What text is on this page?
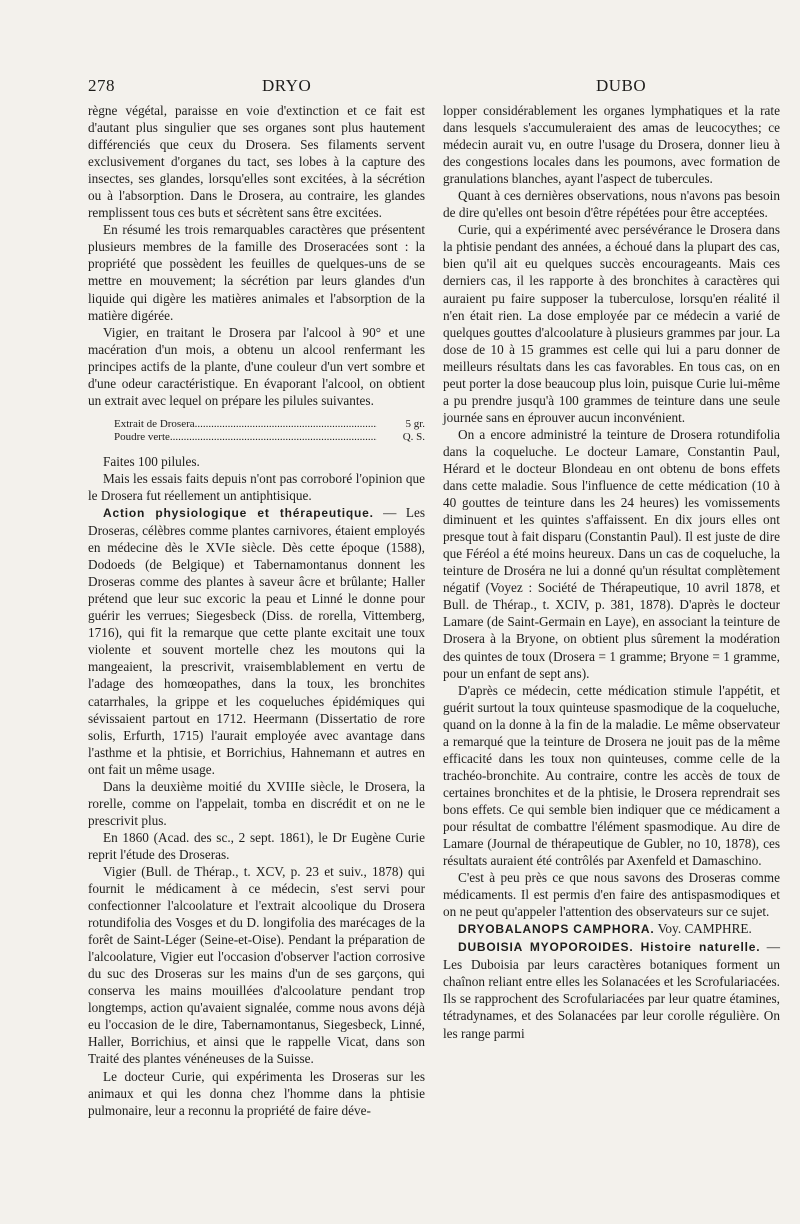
278	DRYO	DUBO

règne végétal, paraisse en voie d'extinction et ce fait est d'autant plus singulier que ses organes sont plus hautement différenciés que ceux du Drosera. Ses filaments servent exclusivement d'organes du tact, ses lobes à la capture des insectes, ses glandes, lorsqu'elles sont excitées, à la sécrétion ou à l'absorption. Dans le Drosera, au contraire, les glandes remplissent tous ces buts et sécrètent sans être excitées.

En résumé les trois remarquables caractères que présentent plusieurs membres de la famille des Droseracées sont : la propriété que possèdent les feuilles de quelques-uns de se mettre en mouvement; la sécrétion par leurs glandes d'un liquide qui digère les matières animales et l'absorption de la matière digérée.

Vigier, en traitant le Drosera par l'alcool à 90° et une macération d'un mois, a obtenu un alcool renfermant les principes actifs de la plante, d'une couleur d'un vert sombre et d'une odeur caractéristique. En évaporant l'alcool, on obtient un extrait avec lequel on prépare les pilules suivantes.

Extrait de Drosera .....	5 gr.
Poudre verte .....	Q. S.

Faites 100 pilules.

Mais les essais faits depuis n'ont pas corroboré l'opinion que le Drosera fut réellement un antiphtisique.

Action physiologique et thérapeutique. — Les Droseras, célèbres comme plantes carnivores, étaient employés en médecine dès le XVIe siècle. Dès cette époque (1588), Dodoeds (de Belgique) et Tabernamontanus donnent les Droseras comme des plantes à saveur âcre et brûlante; Haller prétend que leur suc excoric la peau et Linné le donne pour guérir les verrues; Siegesbeck (Diss. de rorella, Vittemberg, 1716), qui fit la remarque que cette plante excitait une toux violente et souvent mortelle chez les moutons qui la mangeaient, la prescrivit, vraisemblablement en vertu de l'adage des homœopathes, dans la toux, les bronchites catarrhales, la grippe et les coqueluches épidémiques qui sévissaient partout en 1712. Heermann (Dissertatio de rore solis, Erfurth, 1715) l'aurait employée avec avantage dans l'asthme et la phtisie, et Borrichius, Hahnemann et autres en ont fait un même usage.

Dans la deuxième moitié du XVIIIe siècle, le Drosera, la rorelle, comme on l'appelait, tomba en discrédit et on ne le prescrivit plus.

En 1860 (Acad. des sc., 2 sept. 1861), le Dr Eugène Curie reprit l'étude des Droseras.

Vigier (Bull. de Thérap., t. XCV, p. 23 et suiv., 1878) qui fournit le médicament à ce médecin, s'est servi pour confectionner l'alcoolature et l'extrait alcoolique du Drosera rotundifolia des Vosges et du D. longifolia des marécages de la forêt de Saint-Léger (Seine-et-Oise). Pendant la préparation de l'alcoolature, Vigier eut l'occasion d'observer l'action corrosive du suc des Droseras sur les mains d'un de ses garçons, qui conserva les mains mouillées d'alcoolature pendant trop longtemps, action qu'avaient signalée, comme nous avons déjà eu l'occasion de le dire, Tabernamontanus, Siegesbeck, Linné, Haller, Borrichius, et ainsi que le rappelle Vicat, dans son Traité des plantes vénéneuses de la Suisse.

Le docteur Curie, qui expérimenta les Droseras sur les animaux et qui les donna chez l'homme dans la phtisie pulmonaire, leur a reconnu la propriété de faire déve-

lopper considérablement les organes lymphatiques et la rate dans lesquels s'accumuleraient des amas de leucocythes; ce médecin aurait vu, en outre l'usage du Drosera, donner lieu à des congestions locales dans les poumons, avec formation de granulations blanches, ayant l'aspect de tubercules.

Quant à ces dernières observations, nous n'avons pas besoin de dire qu'elles ont besoin d'être répétées pour être acceptées.

Curie, qui a expérimenté avec persévérance le Drosera dans la phtisie pendant des années, a échoué dans la plupart des cas, bien qu'il ait eu quelques succès encourageants. Mais ces derniers cas, il les rapporte à des bronchites à caractères qui auraient pu faire supposer la tuberculose, lorsqu'en réalité il n'en était rien. La dose employée par ce médecin a varié de quelques gouttes d'alcoolature à plusieurs grammes par jour. La dose de 10 à 15 grammes est celle qui lui a paru donner de meilleurs résultats dans les cas favorables. En tous cas, on en peut porter la dose beaucoup plus loin, puisque Curie lui-même a pu prendre jusqu'à 100 grammes de teinture dans une seule journée sans en éprouver aucun inconvénient.

On a encore administré la teinture de Drosera rotundifolia dans la coqueluche. Le docteur Lamare, Constantin Paul, Hérard et le docteur Blondeau en ont obtenu de bons effets dans cette maladie. Sous l'influence de cette médication (10 à 40 gouttes de teinture dans les 24 heures) les vomissements diminuent et les quintes s'affaissent. En dix jours elles ont presque tout à fait disparu (Constantin Paul). Il est juste de dire que Féréol a été moins heureux. Dans un cas de coqueluche, la teinture de Droséra ne lui a donné qu'un résultat complètement négatif (Voyez : Société de Thérapeutique, 10 avril 1878, et Bull. de Thérap., t. XCIV, p. 381, 1878). D'après le docteur Lamare (de Saint-Germain en Laye), en associant la teinture de Drosera à la Bryone, on obtient plus sûrement la modération des quintes de toux (Drosera = 1 gramme; Bryone = 1 gramme, pour un enfant de sept ans).

D'après ce médecin, cette médication stimule l'appétit, et guérit surtout la toux quinteuse spasmodique de la coqueluche, quand on la donne à la fin de la maladie. Le même observateur a remarqué que la teinture de Drosera ne jouit pas de la même efficacité dans les toux non quinteuses, comme celle de la trachéo-bronchite. Au contraire, contre les accès de toux de certaines bronchites et de la phtisie, le Drosera reprendrait ses bons effets. Ce qui semble bien indiquer que ce médicament a pour résultat de combattre l'élément spasmodique. Au dire de Lamare (Journal de thérapeutique de Gubler, no 10, 1878), ces résultats auraient été contrôlés par Axenfeld et Damaschino.

C'est à peu près ce que nous savons des Droseras comme médicaments. Il est permis d'en faire des antispasmodiques et on ne peut qu'appeler l'attention des observateurs sur ce sujet.

DRYOBALANOPS CAMPHORA. Voy. CAMPHRE.

DUBOISIA MYOPOROIDES. Histoire naturelle. — Les Duboisia par leurs caractères botaniques forment un chaînon reliant entre elles les Solanacées et les Scrofulariacées. Ils se rapprochent des Scrofulariacées par leur quatre étamines, tétradynames, et des Solanacées par leur corolle régulière. On les range parmi
